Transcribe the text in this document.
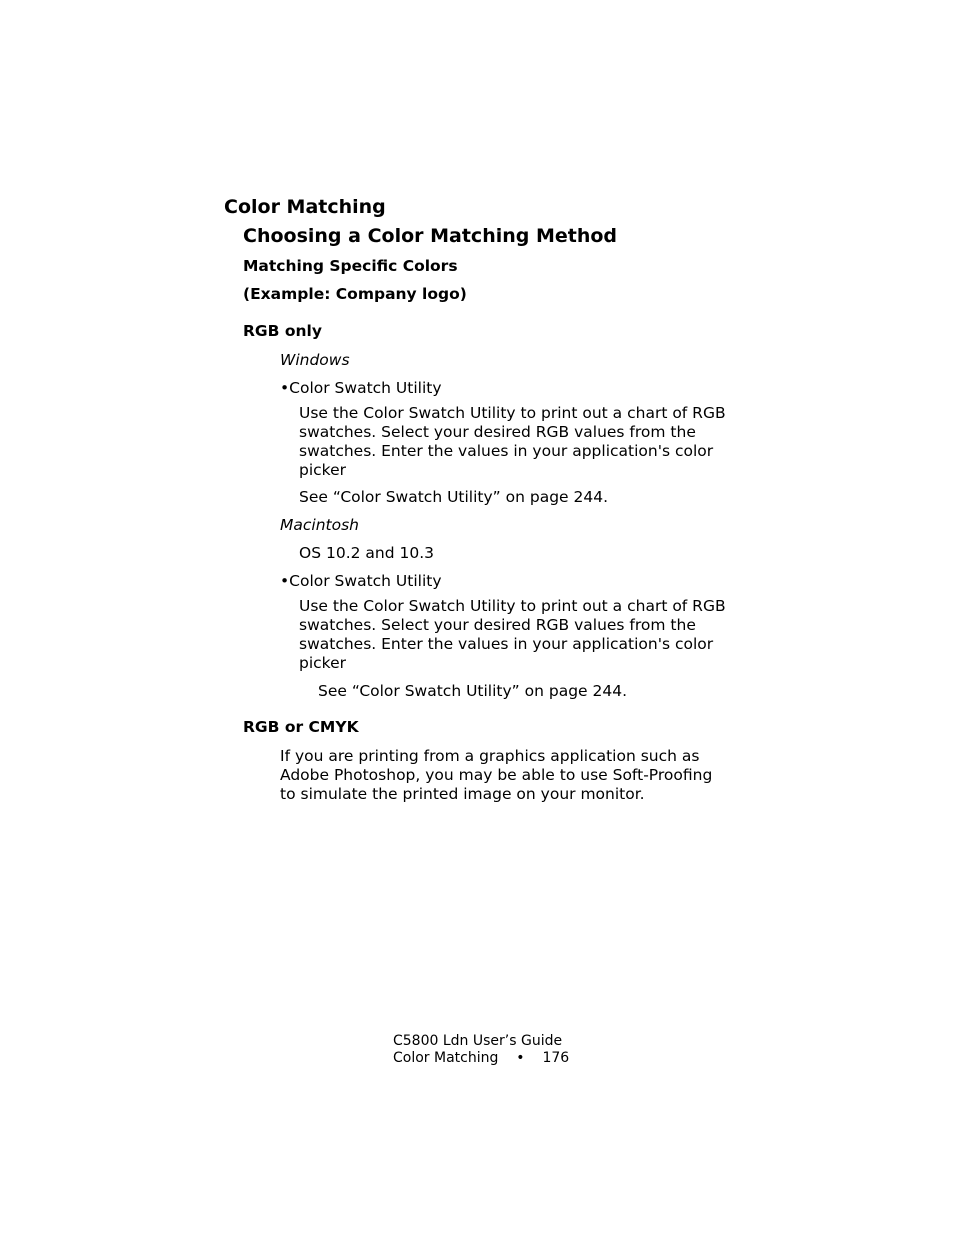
Color Matching
Choosing a Color Matching Method
Matching Specific Colors
(Example: Company logo)
RGB only
Windows
•Color Swatch Utility
Use the Color Swatch Utility to print out a chart of RGB swatches. Select your desired RGB values from the swatches. Enter the values in your application's color picker
See “Color Swatch Utility” on page 244.
Macintosh
OS 10.2 and 10.3
•Color Swatch Utility
Use the Color Swatch Utility to print out a chart of RGB swatches. Select your desired RGB values from the swatches. Enter the values in your application's color picker
See “Color Swatch Utility” on page 244.
RGB or CMYK
If you are printing from a graphics application such as Adobe Photoshop, you may be able to use Soft-Proofing to simulate the printed image on your monitor.
C5800 Ldn User’s Guide
Color Matching • 176
